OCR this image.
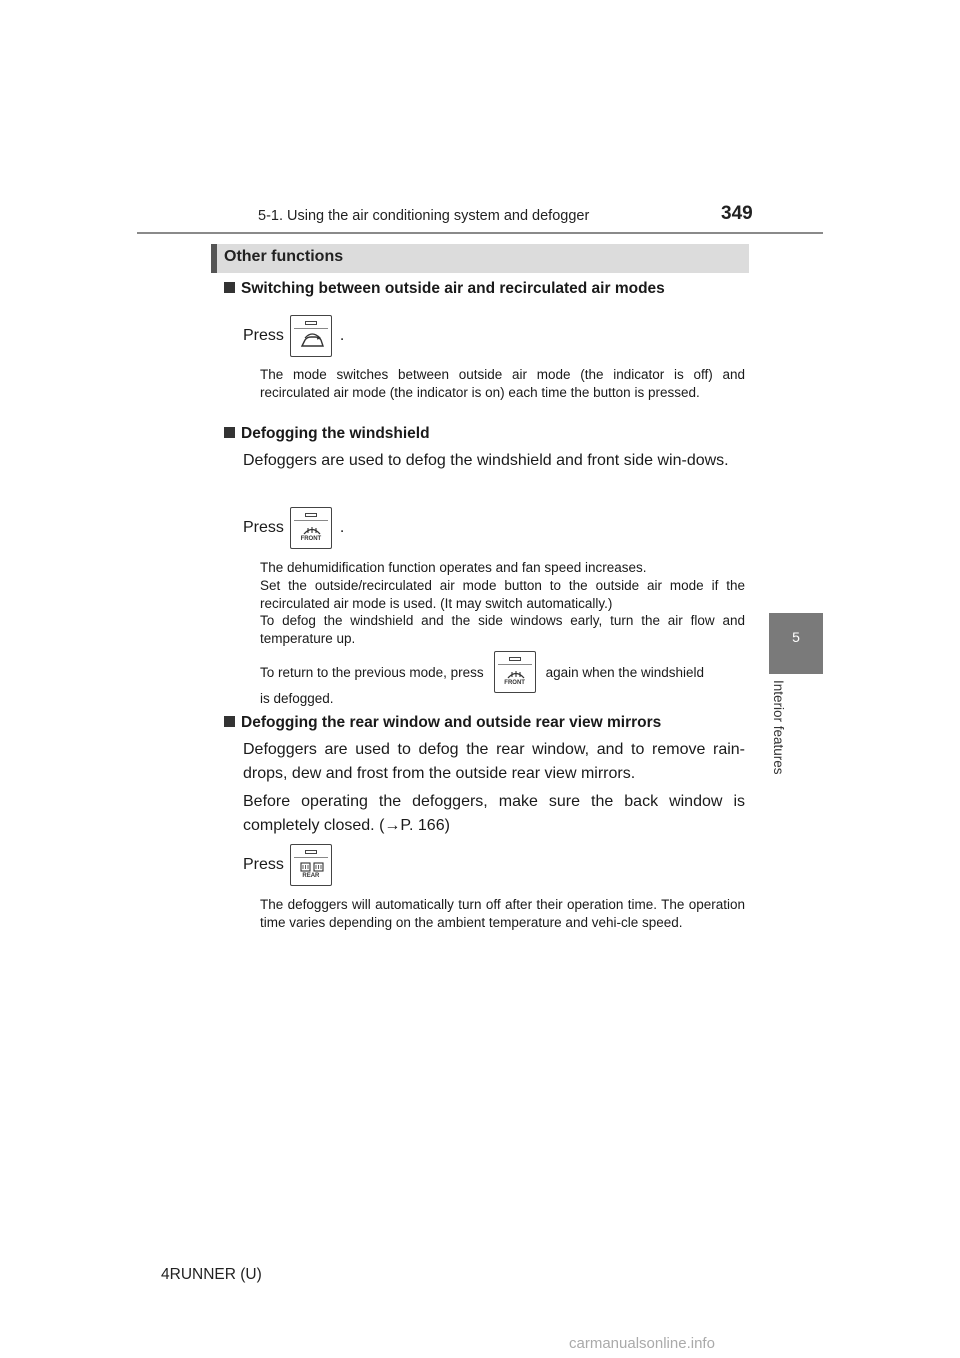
5-1. Using the air conditioning system and defogger	349
5
Interior features
Other functions
Switching between outside air and recirculated air modes
Press	.
The mode switches between outside air mode (the indicator is off) and recirculated air mode (the indicator is on) each time the button is pressed.
Defogging the windshield
Defoggers are used to defog the windshield and front side win-dows.
Press
FRONT
.
The dehumidification function operates and fan speed increases.
Set the outside/recirculated air mode button to the outside air mode if the recirculated air mode is used. (It may switch automatically.)
To defog the windshield and the side windows early, turn the air flow and temperature up.
To return to the previous mode, press
FRONT
again when the windshield
is defogged.
Defogging the rear window and outside rear view mirrors
Defoggers are used to defog the rear window, and to remove rain-drops, dew and frost from the outside rear view mirrors.
Before operating the defoggers, make sure the back window is completely closed. (→P. 166)
Press
REAR
The defoggers will automatically turn off after their operation time. The operation time varies depending on the ambient temperature and vehi-cle speed.
4RUNNER (U)
carmanualsonline.info
